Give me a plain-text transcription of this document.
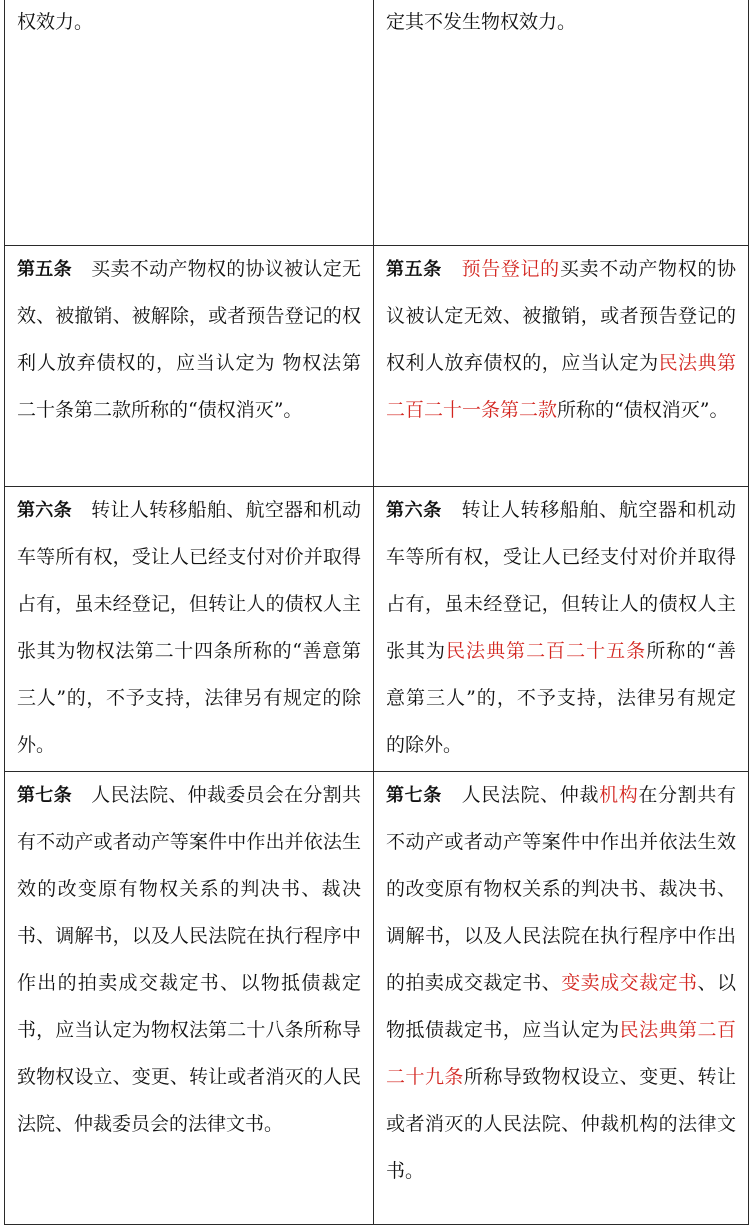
权效力。	定其不发生物权效力。
第五条　买卖不动产物权的协议被认定无效、被撤销、被解除，或者预告登记的权利人放弃债权的，应当认定为 物权法第二十条第二款所称的“债权消灭”。	第五条　 预告登记的买卖不动产物权的协议被认定无效、被撤销，或者预告登记的权利人放弃债权的，应当认定为民法典第二百二十一条第二款所称的“债权消灭”。
第六条　转让人转移船舶、航空器和机动车等所有权，受让人已经支付对价并取得占有，虽未经登记，但转让人的债权人主张其为物权法第二十四条所称的“善意第三人”的，不予支持，法律另有规定的除外。	第六条　转让人转移船舶、航空器和机动车等所有权，受让人已经支付对价并取得占有，虽未经登记，但转让人的债权人主张其为民法典第二百二十五条所称的“善意第三人”的，不予支持，法律另有规定的除外。
第七条　人民法院、仲裁委员会在分割共有不动产或者动产等案件中作出并依法生效的改变原有物权关系的判决书、裁决书、调解书，以及人民法院在执行程序中作出的拍卖成交裁定书、以物抵债裁定书，应当认定为物权法第二十八条所称导致物权设立、变更、转让或者消灭的人民法院、仲裁委员会的法律文书。	第七条　人民法院、仲裁机构在分割共有不动产或者动产等案件中作出并依法生效的改变原有物权关系的判决书、裁决书、调解书，以及人民法院在执行程序中作出的拍卖成交裁定书、变卖成交裁定书、以物抵债裁定书，应当认定为民法典第二百二十九条所称导致物权设立、变更、转让或者消灭的人民法院、仲裁机构的法律文书。
